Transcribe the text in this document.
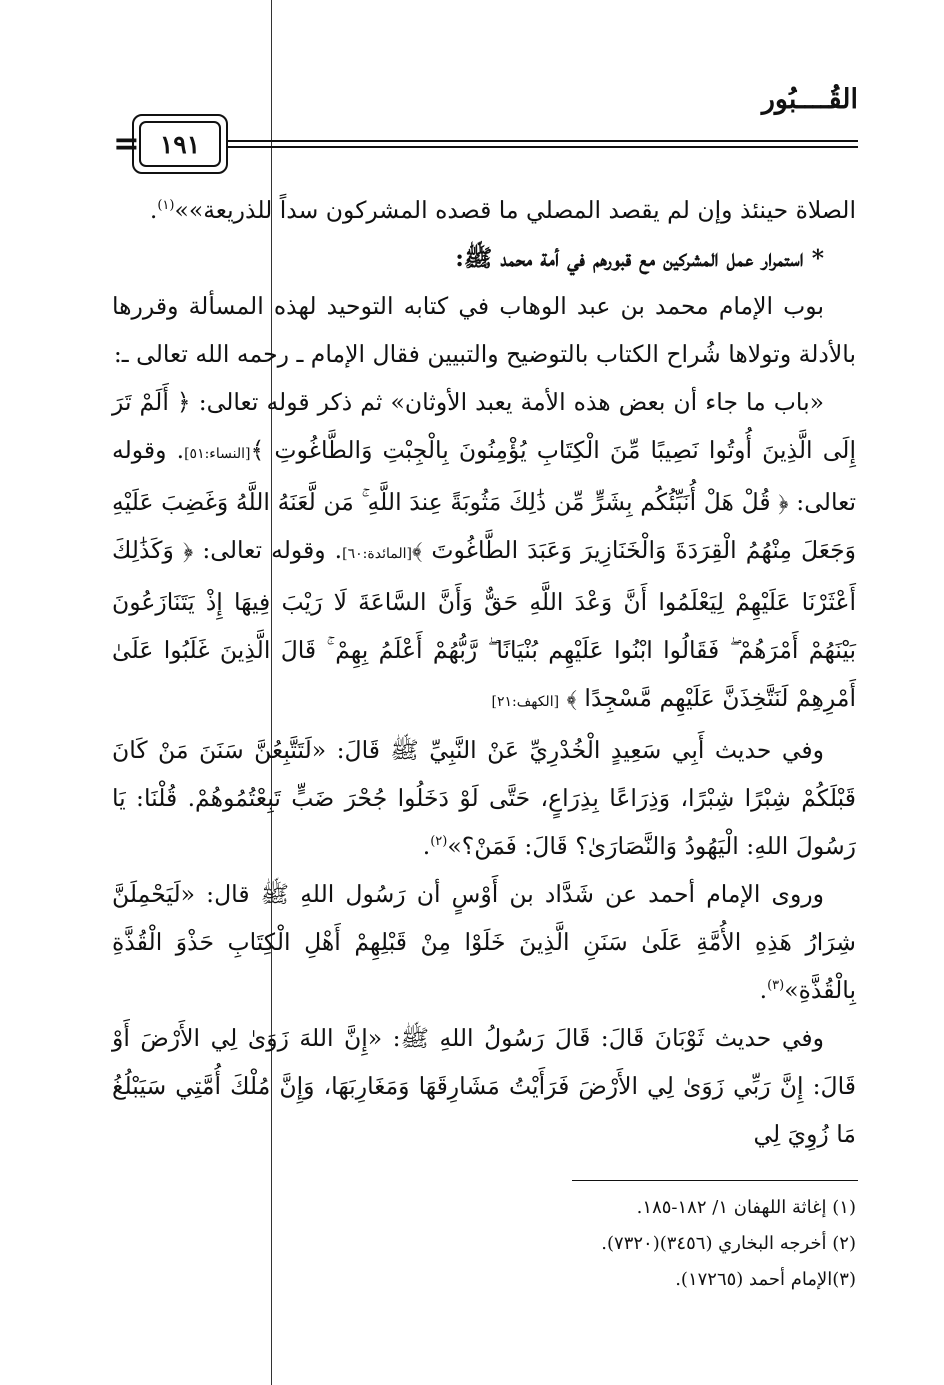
القُــــبُور
= ١٩١

الصلاة حينئذ وإن لم يقصد المصلي ما قصده المشركون سداً للذريعة»»$^{(١)}$.

* استمرار عمل المشركين مع قبورهم في أمة محمد ﷺ:

بوب الإمام محمد بن عبد الوهاب في كتابه التوحيد لهذه المسألة وقررها بالأدلة وتولاها شُراح الكتاب بالتوضيح والتبيين فقال الإمام ـ رحمه الله تعالى ـ:

«باب ما جاء أن بعض هذه الأمة يعبد الأوثان» ثم ذكر قوله تعالى: ﴿ أَلَمْ تَرَ إِلَى الَّذِينَ أُوتُوا نَصِيبًا مِّنَ الْكِتَابِ يُؤْمِنُونَ بِالْجِبْتِ وَالطَّاغُوتِ ﴾[النساء:٥١]. وقوله تعالى: ﴿ قُلْ هَلْ أُنَبِّئُكُم بِشَرٍّ مِّن ذَٰلِكَ مَثُوبَةً عِندَ اللَّهِ ۚ مَن لَّعَنَهُ اللَّهُ وَغَضِبَ عَلَيْهِ وَجَعَلَ مِنْهُمُ الْقِرَدَةَ وَالْخَنَازِيرَ وَعَبَدَ الطَّاغُوتَ ﴾[المائدة:٦٠]. وقوله تعالى: ﴿ وَكَذَٰلِكَ أَعْثَرْنَا عَلَيْهِمْ لِيَعْلَمُوا أَنَّ وَعْدَ اللَّهِ حَقٌّ وَأَنَّ السَّاعَةَ لَا رَيْبَ فِيهَا إِذْ يَتَنَازَعُونَ بَيْنَهُمْ أَمْرَهُمْ ۖ فَقَالُوا ابْنُوا عَلَيْهِم بُنْيَانًا ۖ رَّبُّهُمْ أَعْلَمُ بِهِمْ ۚ قَالَ الَّذِينَ غَلَبُوا عَلَىٰ أَمْرِهِمْ لَنَتَّخِذَنَّ عَلَيْهِم مَّسْجِدًا ﴾ [الكهف:٢١]

وفي حديث أَبِي سَعِيدٍ الْخُدْرِيِّ عَنْ النَّبِيِّ ﷺ قَالَ: «لَتَتَّبِعُنَّ سَنَنَ مَنْ كَانَ قَبْلَكُمْ شِبْرًا شِبْرًا، وَذِرَاعًا بِذِرَاعٍ، حَتَّى لَوْ دَخَلُوا جُحْرَ ضَبٍّ تَبِعْتُمُوهُمْ. قُلْنَا: يَا رَسُولَ اللهِ: الْيَهُودُ وَالنَّصَارَىٰ؟ قَالَ: فَمَنْ؟»$^{(٢)}$.

وروى الإمام أحمد عن شَدَّاد بن أَوْسٍ أن رَسُول اللهِ ﷺ قال: «لَيَحْمِلَنَّ شِرَارُ هَذِهِ الأُمَّةِ عَلَىٰ سَنَنِ الَّذِينَ خَلَوْا مِنْ قَبْلِهِمْ أَهْلِ الْكِتَابِ حَذْوَ الْقُذَّةِ بِالْقُذَّةِ»$^{(٣)}$.

وفي حديث ثَوْبَانَ قَالَ: قَالَ رَسُولُ اللهِ ﷺ: «إِنَّ اللهَ زَوَىٰ لِي الأَرْضَ أَوْ قَالَ: إِنَّ رَبِّي زَوَىٰ لِي الأَرْضَ فَرَأَيْتُ مَشَارِقَهَا وَمَغَارِبَهَا، وَإِنَّ مُلْكَ أُمَّتِي سَيَبْلُغُ مَا زُوِيَ لِي

(١) إغاثة اللهفان ١/ ١٨٢-١٨٥.
(٢) أخرجه البخاري (٣٤٥٦)(٧٣٢٠).
(٣)الإمام أحمد (١٧٢٦٥).
